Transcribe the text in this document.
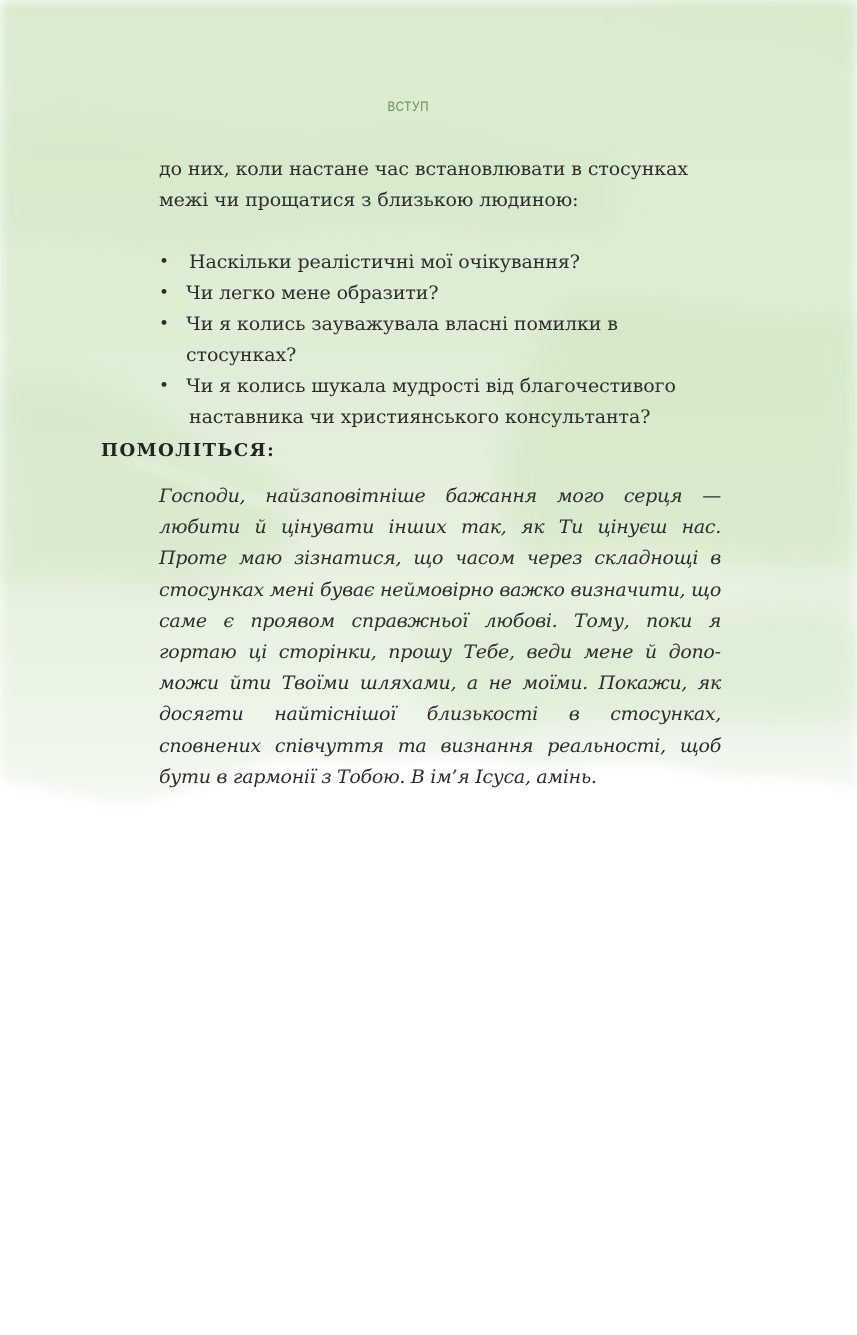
ВСТУП

до них, коли настане час встановлювати в стосунках межі чи прощатися з близькою людиною:

• Наскільки реалістичні мої очікування?
• Чи легко мене образити?
• Чи я колись зауважувала власні помилки в стосунках?
• Чи я колись шукала мудрості від благочестивого наставника чи християнського консультанта?
ПОМОЛІТЬСЯ:

Господи, найзаповітніше бажання мого серця — любити й цінувати інших так, як Ти цінуєш нас. Проте маю зізнатися, що часом через складнощі в стосунках мені буває неймовірно важко визначити, що саме є проявом справжньої любові. Тому, поки я гортаю ці сторінки, прошу Тебе, веди мене й допоможи йти Твоїми шляхами, а не моїми. Покажи, як досягти найтіснішої близькості в стосунках, сповнених співчуття та визнання реальності, щоб бути в гармонії з Тобою. В ім’я Ісуса, амінь.
